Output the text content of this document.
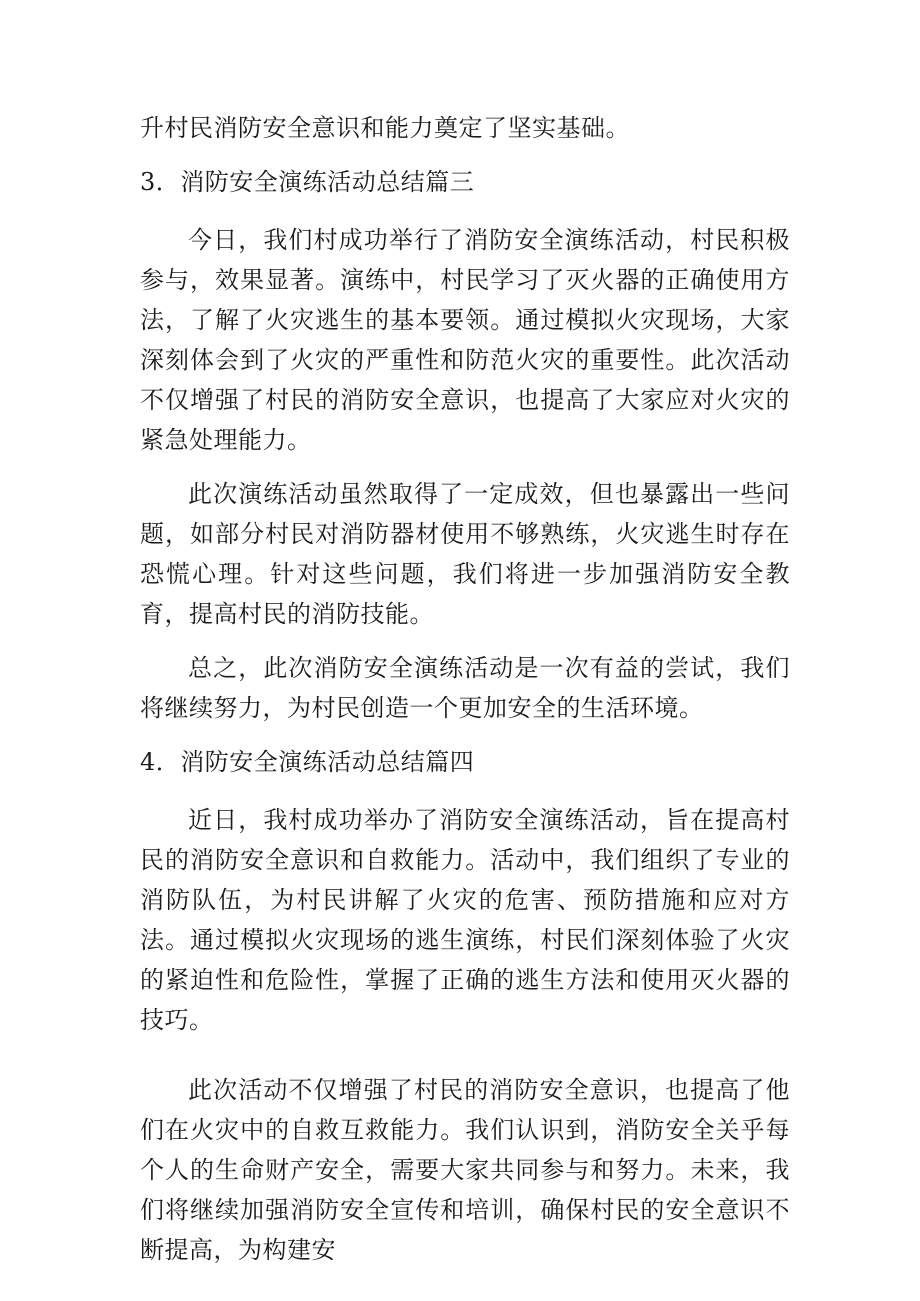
升村民消防安全意识和能力奠定了坚实基础。

3．消防安全演练活动总结篇三

今日，我们村成功举行了消防安全演练活动，村民积极参与，效果显著。演练中，村民学习了灭火器的正确使用方法，了解了火灾逃生的基本要领。通过模拟火灾现场，大家深刻体会到了火灾的严重性和防范火灾的重要性。此次活动不仅增强了村民的消防安全意识，也提高了大家应对火灾的紧急处理能力。

此次演练活动虽然取得了一定成效，但也暴露出一些问题，如部分村民对消防器材使用不够熟练，火灾逃生时存在恐慌心理。针对这些问题，我们将进一步加强消防安全教育，提高村民的消防技能。

总之，此次消防安全演练活动是一次有益的尝试，我们将继续努力，为村民创造一个更加安全的生活环境。

4．消防安全演练活动总结篇四

近日，我村成功举办了消防安全演练活动，旨在提高村民的消防安全意识和自救能力。活动中，我们组织了专业的消防队伍，为村民讲解了火灾的危害、预防措施和应对方法。通过模拟火灾现场的逃生演练，村民们深刻体验了火灾的紧迫性和危险性，掌握了正确的逃生方法和使用灭火器的技巧。

此次活动不仅增强了村民的消防安全意识，也提高了他们在火灾中的自救互救能力。我们认识到，消防安全关乎每个人的生命财产安全，需要大家共同参与和努力。未来，我们将继续加强消防安全宣传和培训，确保村民的安全意识不断提高，为构建安
